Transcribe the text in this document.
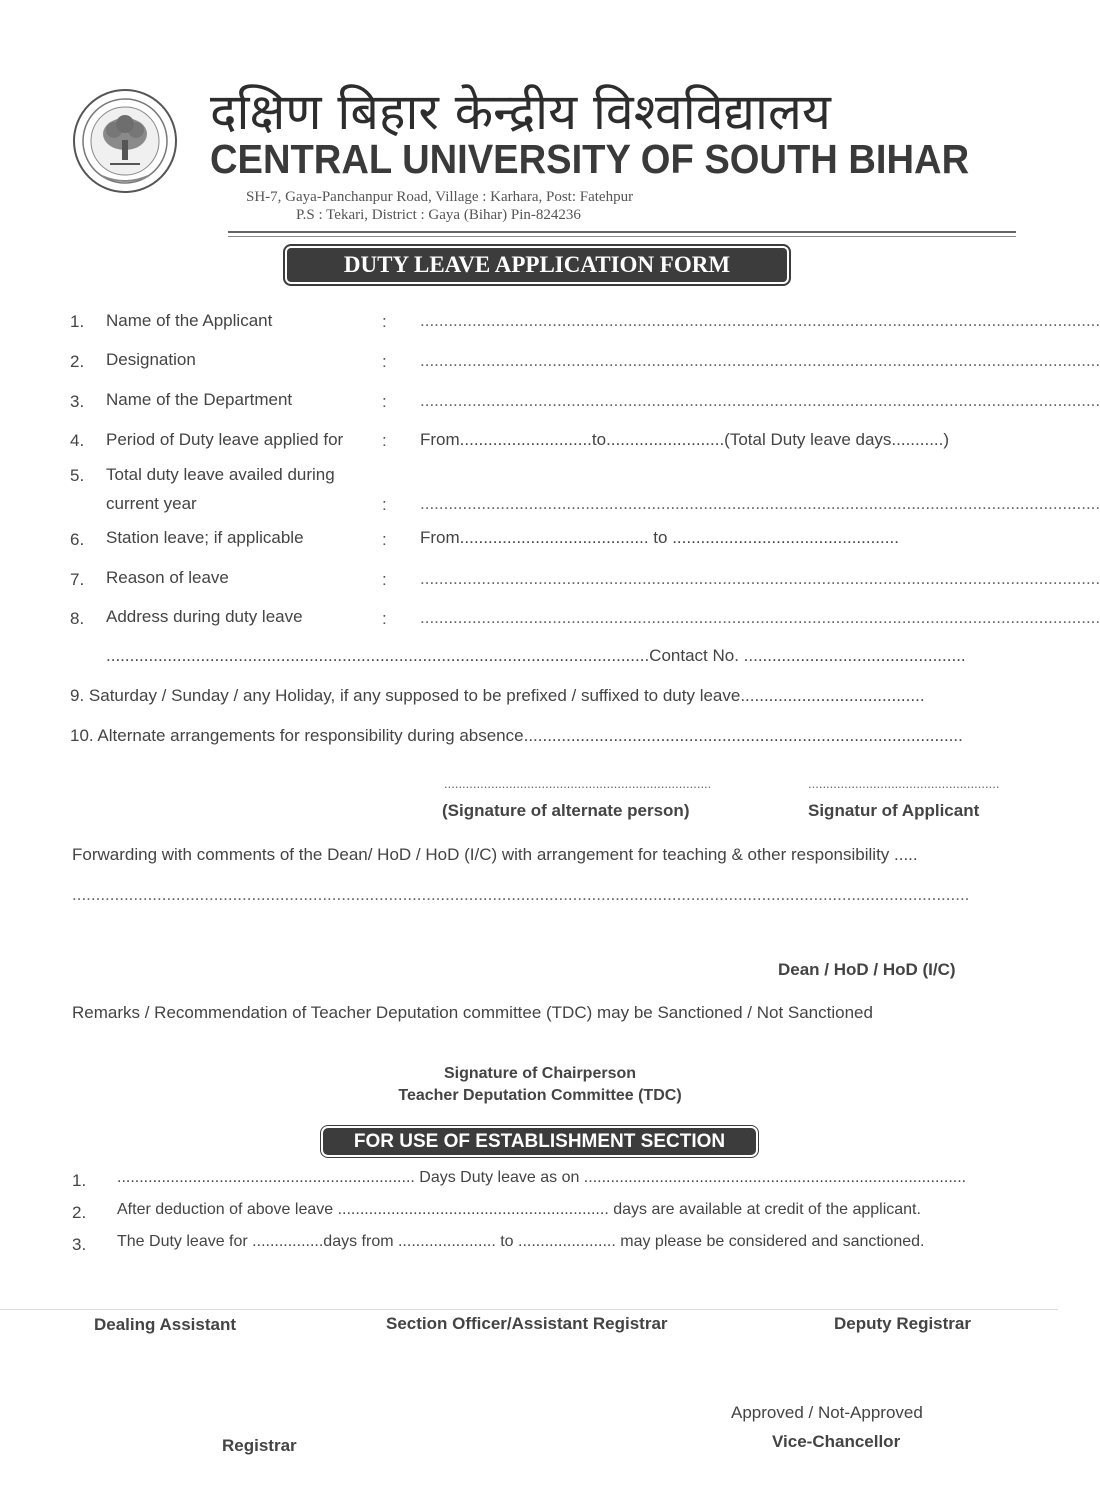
दक्षिण बिहार केन्द्रीय विश्वविद्यालय
CENTRAL UNIVERSITY OF SOUTH BIHAR
SH-7, Gaya-Panchanpur Road, Village : Karhara, Post: Fatehpur
P.S : Tekari, District : Gaya (Bihar) Pin-824236
DUTY LEAVE APPLICATION FORM
1. Name of the Applicant	: ................................................................................................................................................
2. Designation	: ................................................................................................................................................
3. Name of the Department	: ................................................................................................................................................
4. Period of Duty leave applied for : From............................to.........................(Total Duty leave days...........)
5. Total duty leave availed during
current year	: ................................................................................................................................................
6. Station leave; if applicable	: From........................................ to ................................................
7. Reason of leave	: ................................................................................................................................................
8. Address during duty leave	: ................................................................................................................................................
...................................................................................................................Contact No. ...............................................
9. Saturday / Sunday / any Holiday, if any supposed to be prefixed / suffixed to duty leave.......................................
10. Alternate arrangements for responsibility during absence.............................................................................................
..........................................................................
(Signature of alternate person)
.....................................................
Signatur of Applicant
Forwarding with comments of the Dean/ HoD / HoD (I/C) with arrangement for teaching & other responsibility .....
..............................................................................................................................................................................................
Dean / HoD / HoD (I/C)
Remarks / Recommendation of Teacher Deputation committee (TDC) may be Sanctioned / Not Sanctioned
Signature of Chairperson
Teacher Deputation Committee (TDC)
FOR USE OF ESTABLISHMENT SECTION
1. ................................................................... Days Duty leave as on ......................................................................................
2. After deduction of above leave ............................................................. days are available at credit of the applicant.
3. The Duty leave for ................days from ...................... to ...................... may please be considered and sanctioned.
Dealing Assistant	Section Officer/Assistant Registrar	Deputy Registrar
Approved / Not-Approved
Registrar	Vice-Chancellor
